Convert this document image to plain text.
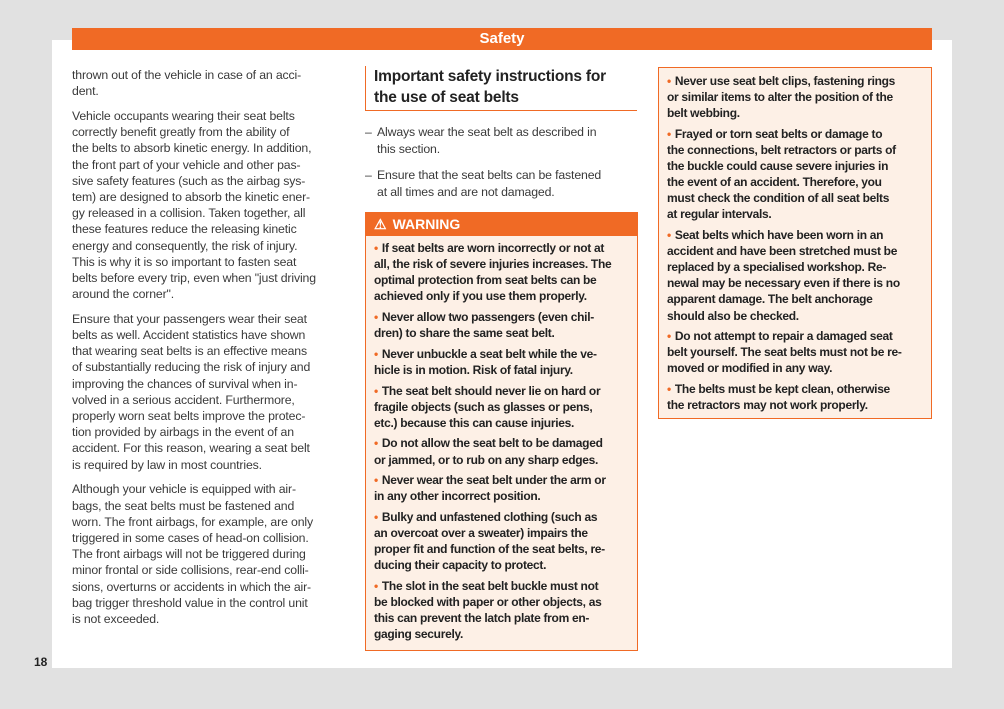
Safety
thrown out of the vehicle in case of an acci-
dent.
Vehicle occupants wearing their seat belts
correctly benefit greatly from the ability of
the belts to absorb kinetic energy. In addition,
the front part of your vehicle and other pas-
sive safety features (such as the airbag sys-
tem) are designed to absorb the kinetic ener-
gy released in a collision. Taken together, all
these features reduce the releasing kinetic
energy and consequently, the risk of injury.
This is why it is so important to fasten seat
belts before every trip, even when "just driving
around the corner".
Ensure that your passengers wear their seat
belts as well. Accident statistics have shown
that wearing seat belts is an effective means
of substantially reducing the risk of injury and
improving the chances of survival when in-
volved in a serious accident. Furthermore,
properly worn seat belts improve the protec-
tion provided by airbags in the event of an
accident. For this reason, wearing a seat belt
is required by law in most countries.
Although your vehicle is equipped with air-
bags, the seat belts must be fastened and
worn. The front airbags, for example, are only
triggered in some cases of head-on collision.
The front airbags will not be triggered during
minor frontal or side collisions, rear-end colli-
sions, overturns or accidents in which the air-
bag trigger threshold value in the control unit
is not exceeded.
Important safety instructions for
the use of seat belts
– Always wear the seat belt as described in
this section.
– Ensure that the seat belts can be fastened
at all times and are not damaged.
⚠ WARNING
• If seat belts are worn incorrectly or not at
all, the risk of severe injuries increases. The
optimal protection from seat belts can be
achieved only if you use them properly.
• Never allow two passengers (even chil-
dren) to share the same seat belt.
• Never unbuckle a seat belt while the ve-
hicle is in motion. Risk of fatal injury.
• The seat belt should never lie on hard or
fragile objects (such as glasses or pens,
etc.) because this can cause injuries.
• Do not allow the seat belt to be damaged
or jammed, or to rub on any sharp edges.
• Never wear the seat belt under the arm or
in any other incorrect position.
• Bulky and unfastened clothing (such as
an overcoat over a sweater) impairs the
proper fit and function of the seat belts, re-
ducing their capacity to protect.
• The slot in the seat belt buckle must not
be blocked with paper or other objects, as
this can prevent the latch plate from en-
gaging securely.
• Never use seat belt clips, fastening rings
or similar items to alter the position of the
belt webbing.
• Frayed or torn seat belts or damage to
the connections, belt retractors or parts of
the buckle could cause severe injuries in
the event of an accident. Therefore, you
must check the condition of all seat belts
at regular intervals.
• Seat belts which have been worn in an
accident and have been stretched must be
replaced by a specialised workshop. Re-
newal may be necessary even if there is no
apparent damage. The belt anchorage
should also be checked.
• Do not attempt to repair a damaged seat
belt yourself. The seat belts must not be re-
moved or modified in any way.
• The belts must be kept clean, otherwise
the retractors may not work properly.
18
